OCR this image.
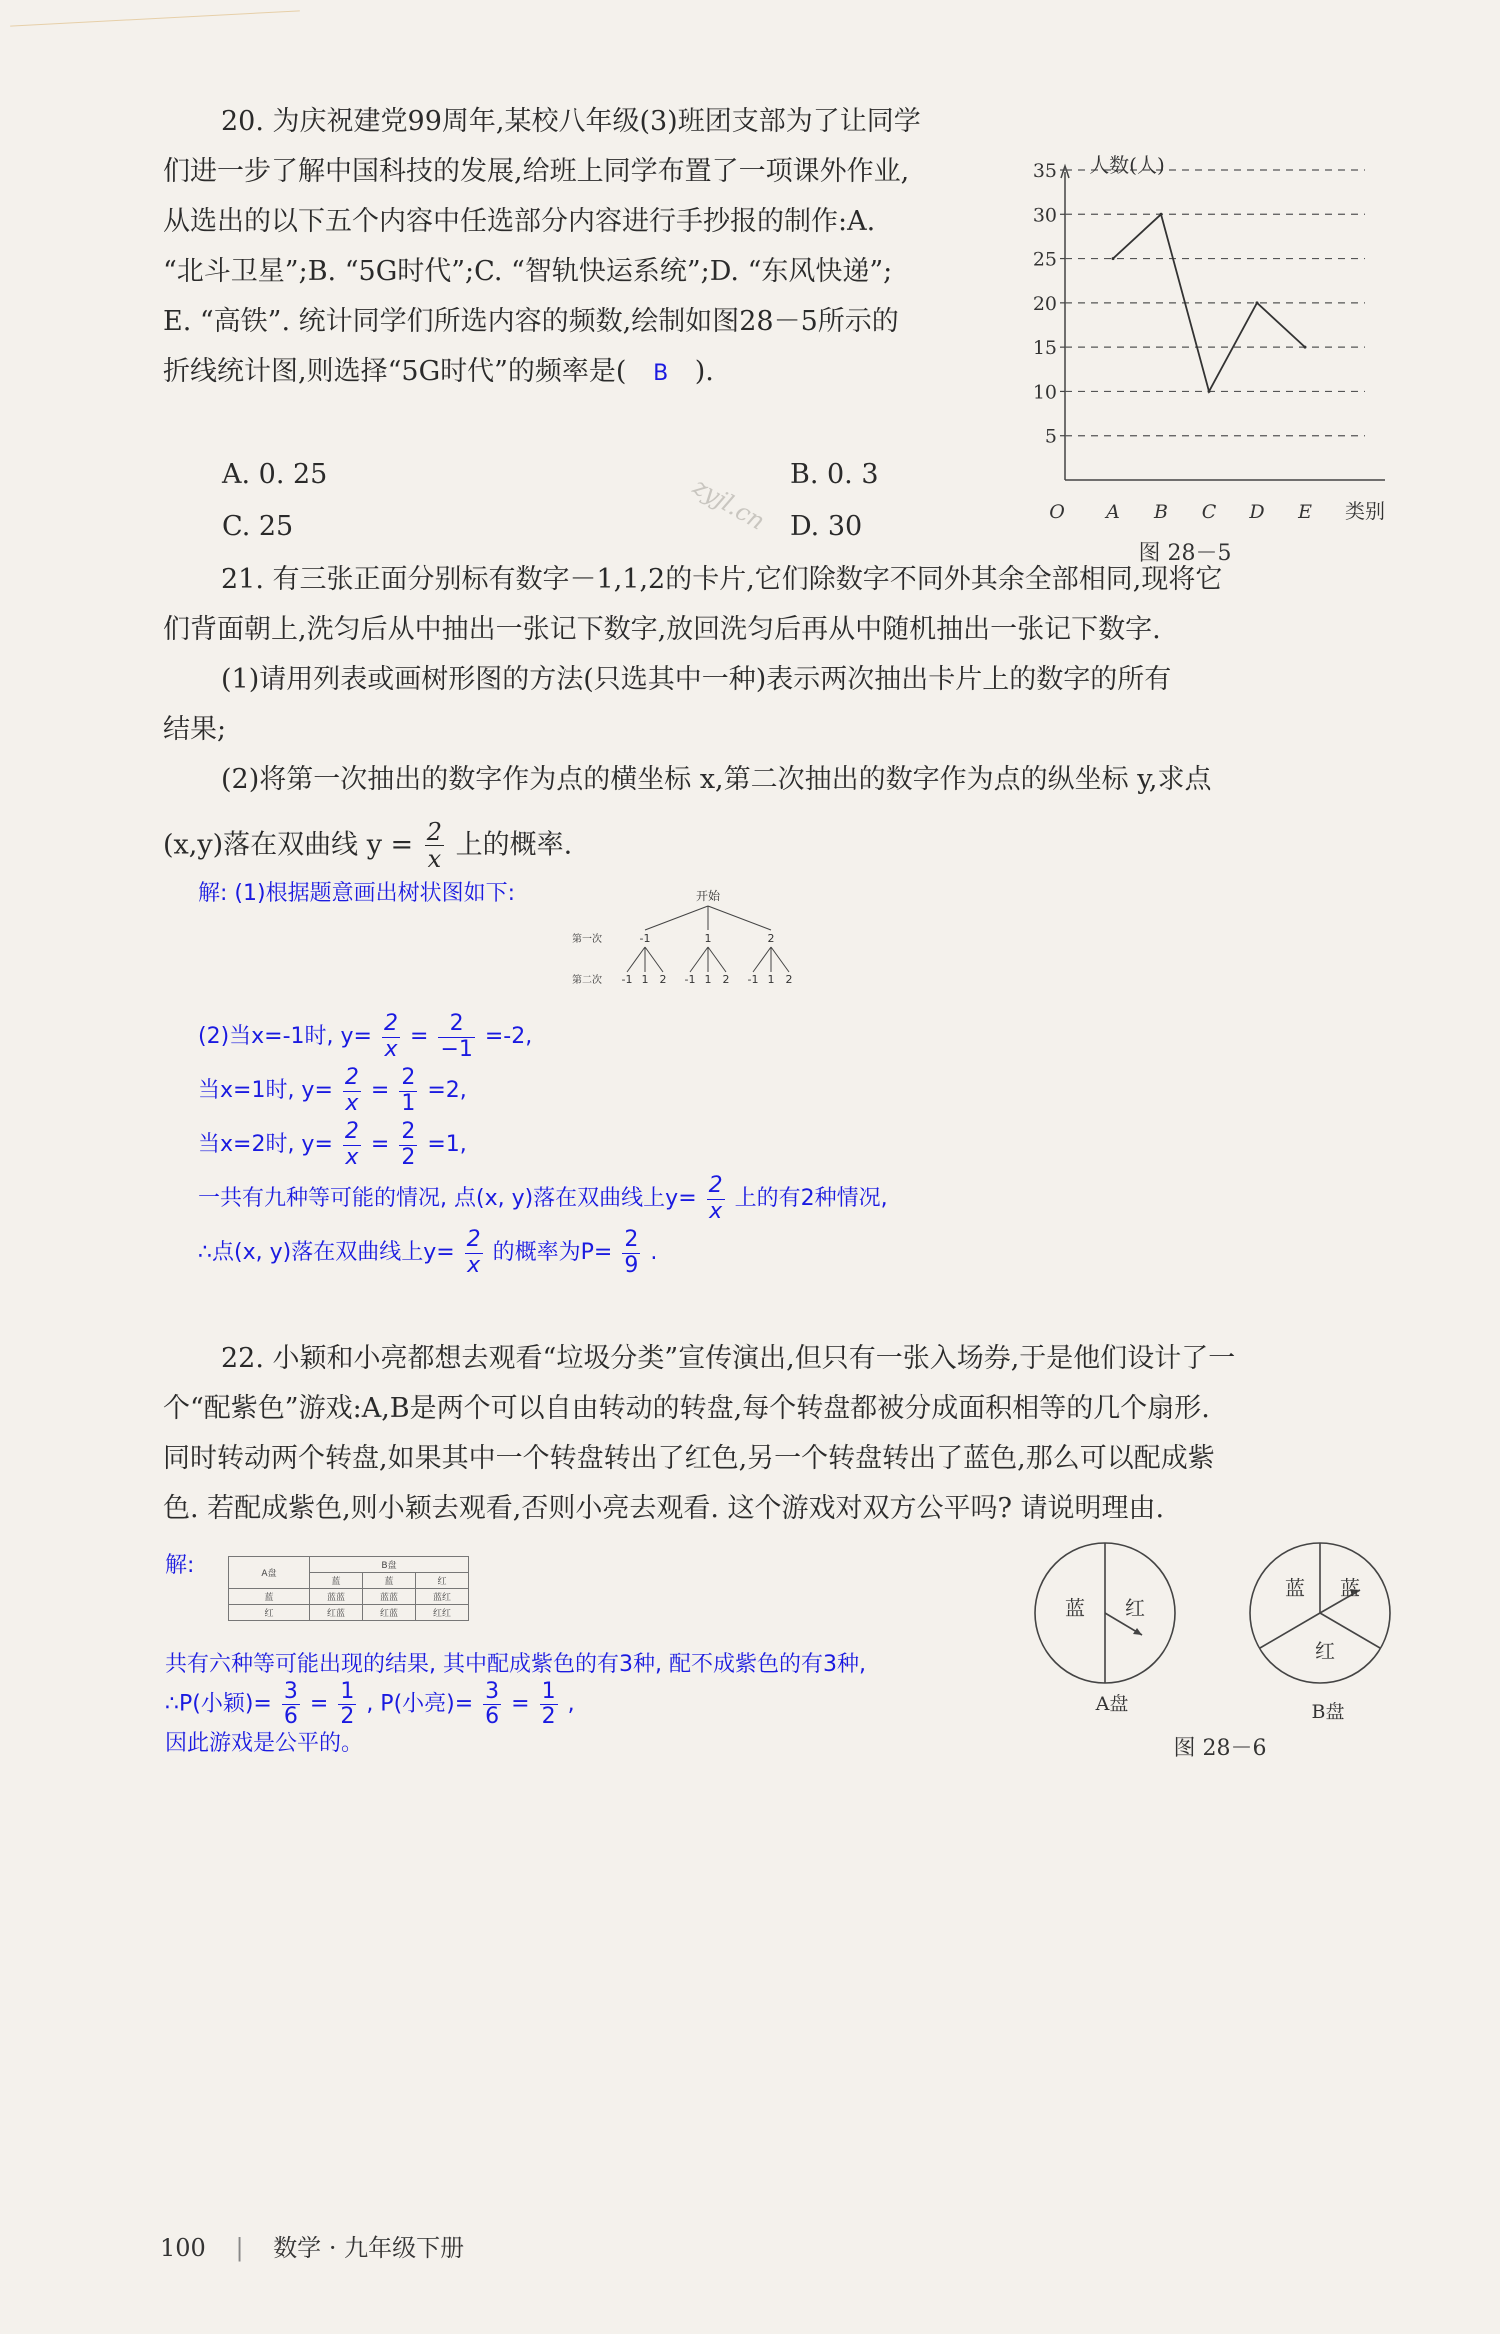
20. 为庆祝建党99周年,某校八年级(3)班团支部为了让同学
们进一步了解中国科技的发展,给班上同学布置了一项课外作业,
从选出的以下五个内容中任选部分内容进行手抄报的制作:A.
“北斗卫星”;B. “5G时代”;C. “智轨快运系统”;D. “东风快递”;
E. “高铁”. 统计同学们所选内容的频数,绘制如图28－5所示的
折线统计图,则选择“5G时代”的频率是( B ).
A. 0. 25	B. 0. 3
C. 25	D. 30
zyjl.cn
5
10
15
20
25
30
35 人数(人)
O A B C D E 类别
图 28－5
21. 有三张正面分别标有数字－1,1,2的卡片,它们除数字不同外其余全部相同,现将它
们背面朝上,洗匀后从中抽出一张记下数字,放回洗匀后再从中随机抽出一张记下数字.
(1)请用列表或画树形图的方法(只选其中一种)表示两次抽出卡片上的数字的所有
结果;
(2)将第一次抽出的数字作为点的横坐标 x,第二次抽出的数字作为点的纵坐标 y,求点
(x,y)落在双曲线 $y = \frac{2}{x}$ 上的概率.
解: (1)根据题意画出树状图如下:	开始
第一次
第二次
-1	1	2
-1 1 2 -1 1 2 -1 1 2
(2)当x=-1时, $y= \frac{2}{x} = \frac{2}{-1} =-2$,
当x=1时, $y= \frac{2}{x} = \frac{2}{1} =2$,
当x=2时, $y= \frac{2}{x} = \frac{2}{2} =1$,
一共有九种等可能的情况, 点(x, y)落在双曲线上$y= \frac{2}{x}$ 上的有2种情况,
∴点(x, y)落在双曲线上$y= \frac{2}{x}$ 的概率为$P= \frac{2}{9}$ .
22. 小颖和小亮都想去观看“垃圾分类”宣传演出,但只有一张入场券,于是他们设计了一
个“配紫色”游戏:A,B是两个可以自由转动的转盘,每个转盘都被分成面积相等的几个扇形.
同时转动两个转盘,如果其中一个转盘转出了红色,另一个转盘转出了蓝色,那么可以配成紫
色. 若配成紫色,则小颖去观看,否则小亮去观看. 这个游戏对双方公平吗? 请说明理由.
解:	A盘	B盘		
	蓝	蓝	红
蓝	蓝蓝	蓝蓝	蓝红
红	红蓝	红蓝	红红
共有六种等可能出现的结果, 其中配成紫色的有3种, 配不成紫色的有3种,
∴P(小颖)= $\frac{3}{6} = \frac{1}{2}$ , P(小亮)= $\frac{3}{6} = \frac{1}{2}$ ,
因此游戏是公平的。
蓝 红
A盘
蓝 蓝
红
B盘
图 28－6
100 | 数学 · 九年级下册
